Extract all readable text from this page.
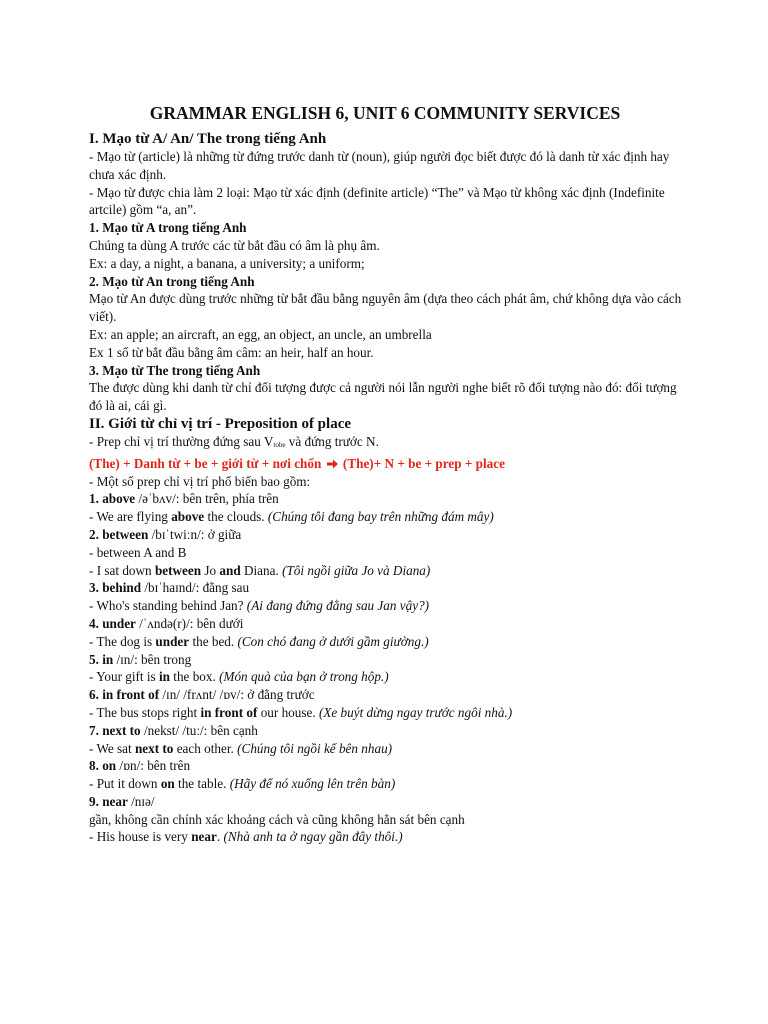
GRAMMAR ENGLISH 6, UNIT 6 COMMUNITY SERVICES
I. Mạo từ A/ An/ The trong tiếng Anh
- Mạo từ (article) là những từ đứng trước danh từ (noun), giúp người đọc biết được đó là danh từ xác định hay chưa xác định.
- Mạo từ được chia làm 2 loại: Mạo từ xác định (definite article) “The” và Mạo từ không xác định (Indefinite artcile) gồm “a, an”.
1. Mạo từ A trong tiếng Anh
Chúng ta dùng A trước các từ bắt đầu có âm là phụ âm.
Ex: a day, a night, a banana, a university; a uniform;
2. Mạo từ An trong tiếng Anh
Mạo từ An được dùng trước những từ bắt đầu bằng nguyên âm (dựa theo cách phát âm, chứ không dựa vào cách viết).
Ex: an apple; an aircraft, an egg, an object, an uncle, an umbrella
Ex 1 số từ bắt đầu bằng âm câm: an heir, half an hour.
3. Mạo từ The trong tiếng Anh
The được dùng khi danh từ chỉ đối tượng được cả người nói lẫn người nghe biết rõ đối tượng nào đó: đối tượng đó là ai, cái gì.
II. Giới từ chỉ vị trí - Preposition of place
- Prep chỉ vị trí thường đứng sau Vtobe và đứng trước N.
(The) + Danh từ + be + giới từ + nơi chốn (The)+ N + be + prep + place
- Một số prep chỉ vị trí phổ biến bao gồm:
1. above /əˈbʌv/: bên trên, phía trên
- We are flying above the clouds. (Chúng tôi đang bay trên những đám mây)
2. between /bɪˈtwiːn/: ở giữa
- between A and B
- I sat down between Jo and Diana. (Tôi ngồi giữa Jo và Diana)
3. behind /bɪˈhaɪnd/: đằng sau
- Who's standing behind Jan? (Ai đang đứng đằng sau Jan vậy?)
4. under /ˈʌndə(r)/: bên dưới
- The dog is under the bed. (Con chó đang ở dưới gầm giường.)
5. in /ɪn/: bên trong
- Your gift is in the box. (Món quà của bạn ở trong hộp.)
6. in front of /ɪn/ /frʌnt/ /ɒv/: ở đằng trước
- The bus stops right in front of our house. (Xe buýt dừng ngay trước ngôi nhà.)
7. next to /nekst/ /tuː/: bên cạnh
- We sat next to each other. (Chúng tôi ngồi kế bên nhau)
8. on /ɒn/: bên trên
- Put it down on the table. (Hãy để nó xuống lên trên bàn)
9. near /nɪə/
gần, không cần chính xác khoảng cách và cũng không hẳn sát bên cạnh
- His house is very near. (Nhà anh ta ở ngay gần đây thôi.)
